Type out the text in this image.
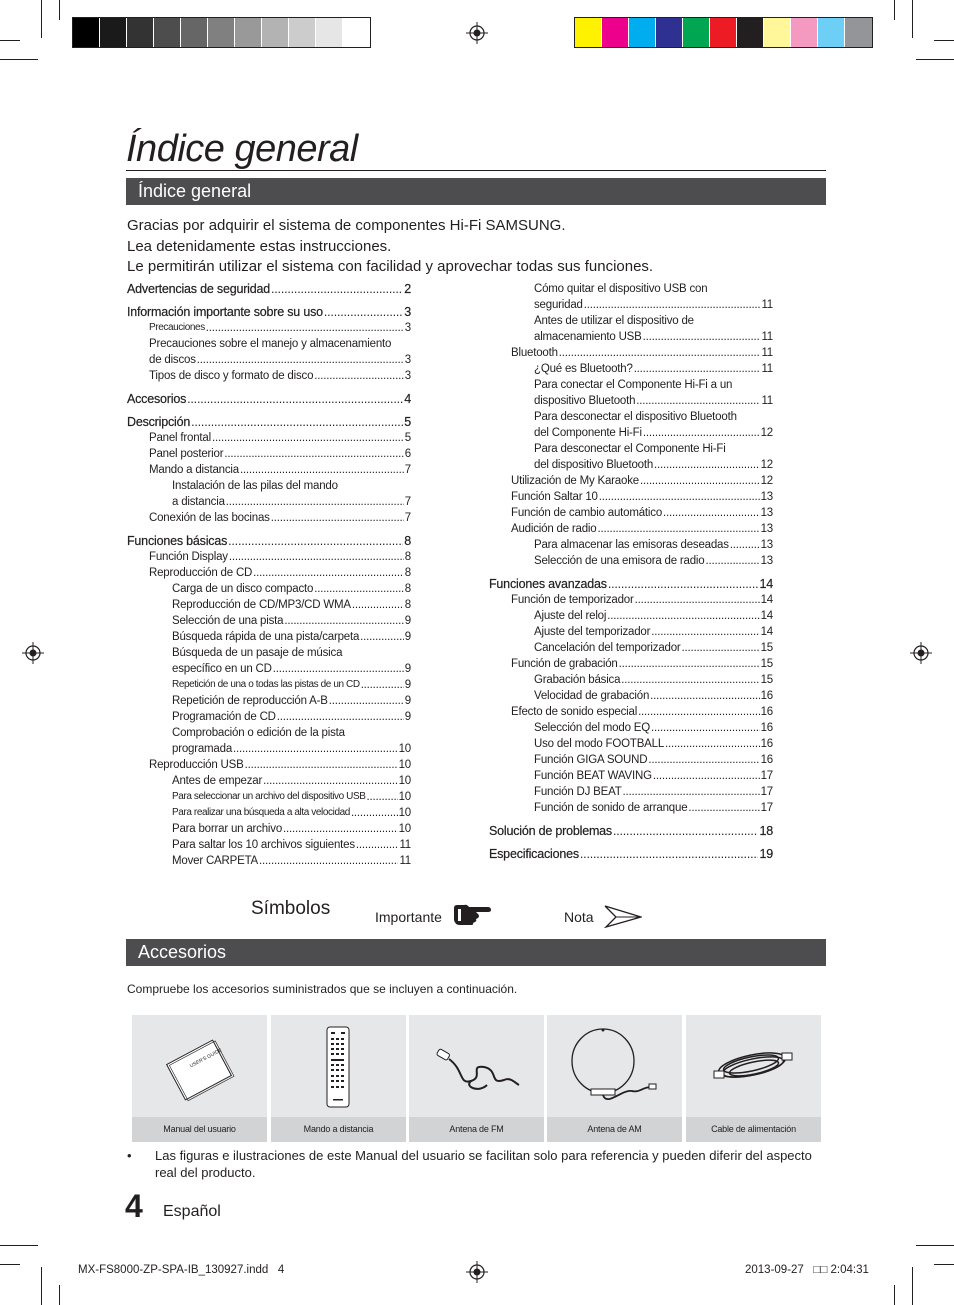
Índice general
Índice general
Gracias por adquirir el sistema de componentes Hi-Fi SAMSUNG.
Lea detenidamente estas instrucciones.
Le permitirán utilizar el sistema con facilidad y aprovechar todas sus funciones.
Advertencias de seguridad .....	2
Información importante sobre su uso .....	3
Precauciones .....	3
Precauciones sobre el manejo y almacenamiento
de discos .....	3
Tipos de disco y formato de disco .....	3
Accesorios .....	4
Descripción .....	5
Panel frontal .....	5
Panel posterior .....	6
Mando a distancia .....	7
Instalación de las pilas del mando
a distancia .....	7
Conexión de las bocinas .....	7
Funciones básicas .....	8
Función Display .....	8
Reproducción de CD .....	8
Carga de un disco compacto .....	8
Reproducción de CD/MP3/CD WMA .....	8
Selección de una pista .....	9
Búsqueda rápida de una pista/carpeta .....	9
Búsqueda de un pasaje de música
específico en un CD .....	9
Repetición de una o todas las pistas de un CD .....	9
Repetición de reproducción A-B .....	9
Programación de CD .....	9
Comprobación o edición de la pista
programada .....	10
Reproducción USB .....	10
Antes de empezar .....	10
Para seleccionar un archivo del dispositivo USB .....	10
Para realizar una búsqueda a alta velocidad .....	10
Para borrar un archivo .....	10
Para saltar los 10 archivos siguientes .....	11
Mover CARPETA .....	11
Cómo quitar el dispositivo USB con
seguridad .....	11
Antes de utilizar el dispositivo de
almacenamiento USB .....	11
Bluetooth .....	11
¿Qué es Bluetooth? .....	11
Para conectar el Componente Hi-Fi a un
dispositivo Bluetooth .....	11
Para desconectar el dispositivo Bluetooth
del Componente Hi-Fi .....	12
Para desconectar el Componente Hi-Fi
del dispositivo Bluetooth .....	12
Utilización de My Karaoke .....	12
Función Saltar 10 .....	13
Función de cambio automático .....	13
Audición de radio .....	13
Para almacenar las emisoras deseadas .....	13
Selección de una emisora de radio .....	13
Funciones avanzadas .....	14
Función de temporizador .....	14
Ajuste del reloj .....	14
Ajuste del temporizador .....	14
Cancelación del temporizador .....	15
Función de grabación .....	15
Grabación básica .....	15
Velocidad de grabación .....	16
Efecto de sonido especial .....	16
Selección del modo EQ .....	16
Uso del modo FOOTBALL .....	16
Función GIGA SOUND .....	16
Función BEAT WAVING .....	17
Función DJ BEAT .....	17
Función de sonido de arranque .....	17
Solución de problemas .....	18
Especificaciones .....	19
Símbolos	Importante	Nota
Accesorios
Compruebe los accesorios suministrados que se incluyen a continuación.
USER'S GUIDE
Manual del usuario	Mando a distancia	Antena de FM	Antena de AM	Cable de alimentación
• Las figuras e ilustraciones de este Manual del usuario se facilitan solo para referencia y pueden diferir del aspecto real del producto.
4 Español
MX-FS8000-ZP-SPA-IB_130927.indd   4	2013-09-27   □□ 2:04:31
